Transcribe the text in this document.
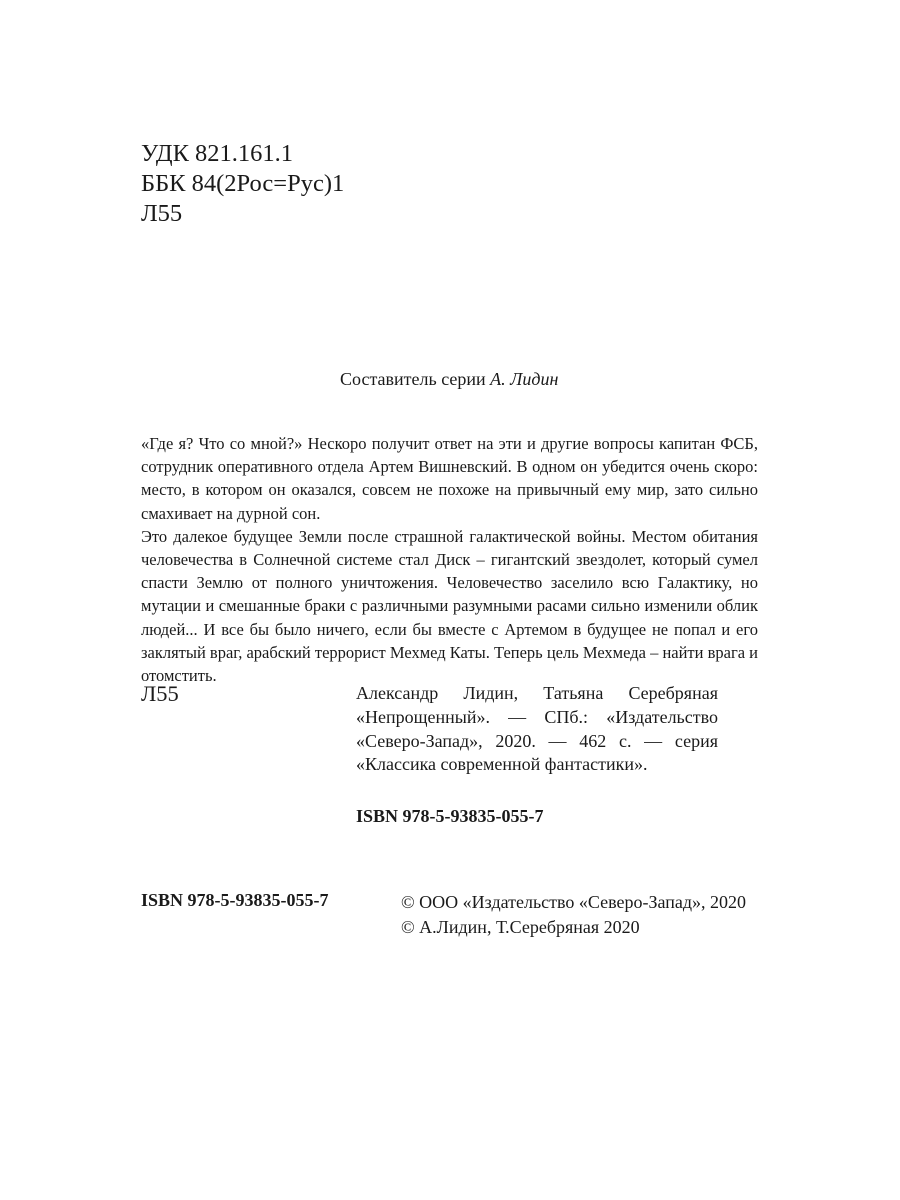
УДК 821.161.1
ББК 84(2Рос=Рус)1
Л55
Составитель серии А. Лидин

«Где я? Что со мной?» Нескоро получит ответ на эти и другие вопросы капитан ФСБ, сотрудник оперативного отдела Артем Вишневский. В одном он убедится очень скоро: место, в котором он оказался, совсем не похоже на привычный ему мир, зато сильно смахивает на дурной сон.

Это далекое будущее Земли после страшной галактической войны. Местом обитания человечества в Солнечной системе стал Диск – гигантский звездолет, который сумел спасти Землю от полного уничтожения. Человечество заселило всю Галактику, но мутации и смешанные браки с различными разумными расами сильно изменили облик людей... И все бы было ничего, если бы вместе с Артемом в будущее не попал и его заклятый враг, арабский террорист Мехмед Каты. Теперь цель Мехмеда – найти врага и отомстить.

Л55	Александр Лидин, Татьяна Серебряная
«Непрощенный». — СПб.: «Издательство
«Северо-Запад», 2020. — 462 с. — серия
«Классика современной фантастики».
ISBN 978-5-93835-055-7
ISBN 978-5-93835-055-7	© ООО «Издательство «Северо-Запад», 2020
© А.Лидин, Т.Серебряная 2020
